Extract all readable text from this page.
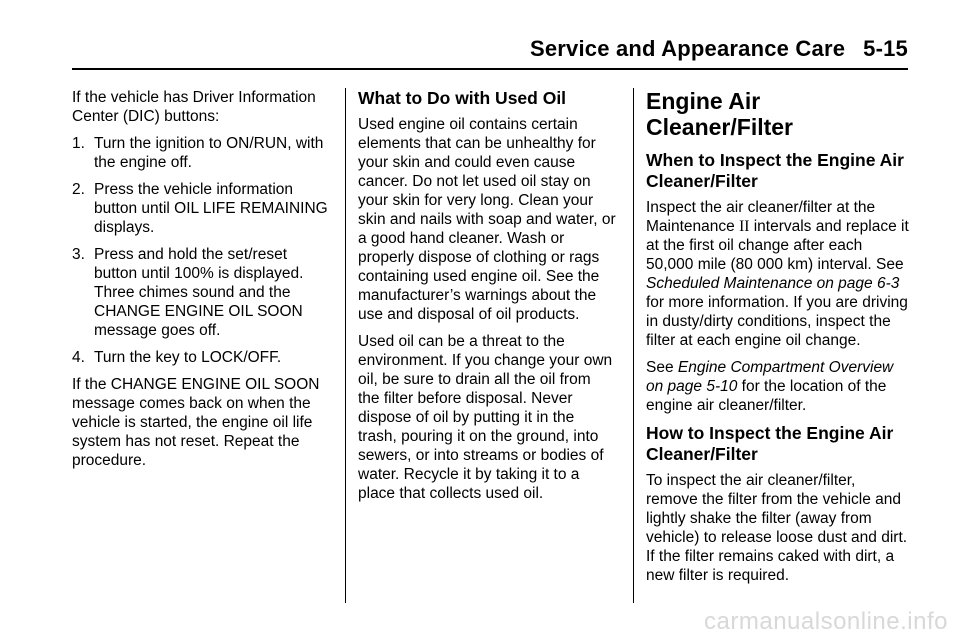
Service and Appearance Care 5-15

If the vehicle has Driver Information Center (DIC) buttons:

1. Turn the ignition to ON/RUN, with the engine off.
2. Press the vehicle information button until OIL LIFE REMAINING displays.
3. Press and hold the set/reset button until 100% is displayed. Three chimes sound and the CHANGE ENGINE OIL SOON message goes off.
4. Turn the key to LOCK/OFF.

If the CHANGE ENGINE OIL SOON message comes back on when the vehicle is started, the engine oil life system has not reset. Repeat the procedure.

What to Do with Used Oil

Used engine oil contains certain elements that can be unhealthy for your skin and could even cause cancer. Do not let used oil stay on your skin for very long. Clean your skin and nails with soap and water, or a good hand cleaner. Wash or properly dispose of clothing or rags containing used engine oil. See the manufacturer’s warnings about the use and disposal of oil products.

Used oil can be a threat to the environment. If you change your own oil, be sure to drain all the oil from the filter before disposal. Never dispose of oil by putting it in the trash, pouring it on the ground, into sewers, or into streams or bodies of water. Recycle it by taking it to a place that collects used oil.

Engine Air Cleaner/Filter
When to Inspect the Engine Air Cleaner/Filter

Inspect the air cleaner/filter at the Maintenance II intervals and replace it at the first oil change after each 50,000 mile (80 000 km) interval. See Scheduled Maintenance on page 6-3 for more information. If you are driving in dusty/dirty conditions, inspect the filter at each engine oil change.

See Engine Compartment Overview on page 5-10 for the location of the engine air cleaner/filter.

How to Inspect the Engine Air Cleaner/Filter

To inspect the air cleaner/filter, remove the filter from the vehicle and lightly shake the filter (away from vehicle) to release loose dust and dirt. If the filter remains caked with dirt, a new filter is required.

carmanualsonline.info
